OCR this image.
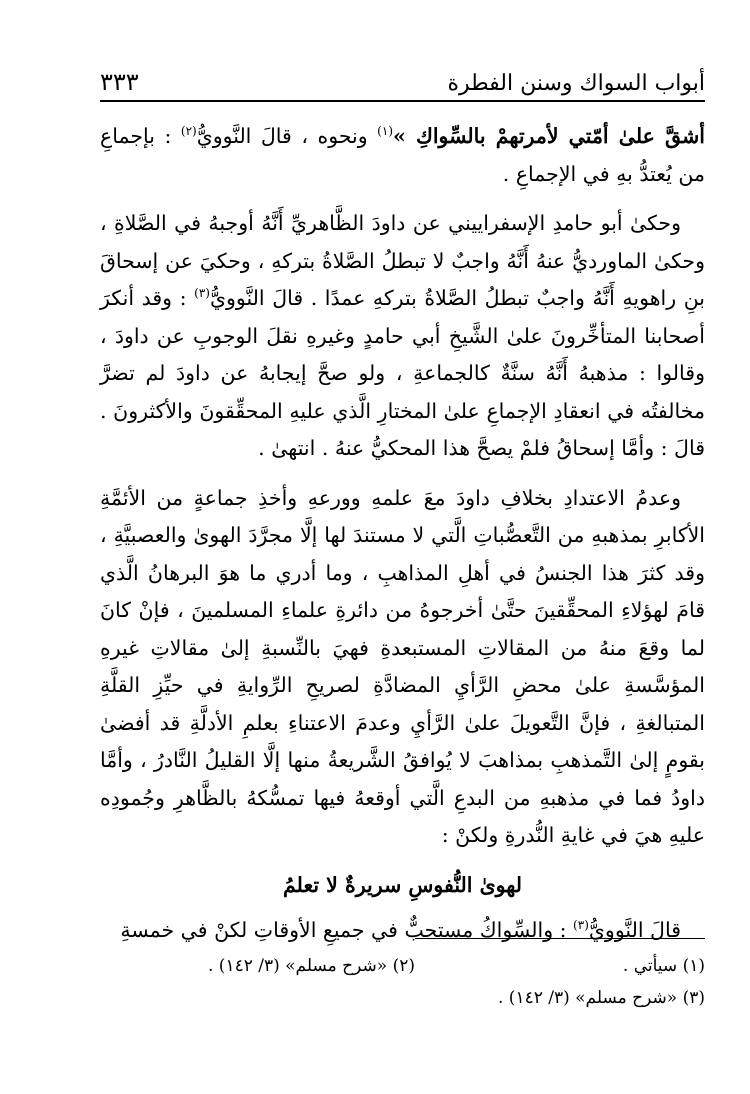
أبواب السواك وسنن الفطرة
٣٣٣

أشقَّ علىٰ أمّتي لأمرتهمْ بالسِّواكِ »$^{(١)}$ ونحوه ، قالَ النَّوويُّ$^{(٢)}$ : بإجماعِ من يُعتدُّ بهِ في الإجماعِ .

وحكىٰ أبو حامدِ الإسفراييني عن داودَ الظَّاهريِّ أَنَّهُ أوجبهُ في الصَّلاةِ ، وحكىٰ الماورديُّ عنهُ أَنَّهُ واجبٌ لا تبطلُ الصَّلاةُ بتركهِ ، وحكيَ عن إسحاقَ بنِ راهويهِ أَنَّهُ واجبٌ تبطلُ الصَّلاةُ بتركهِ عمدًا . قالَ النَّوويُّ$^{(٣)}$ : وقد أنكرَ أصحابنا المتأخِّرونَ علىٰ الشَّيخِ أبي حامدٍ وغيرهِ نقلَ الوجوبِ عن داودَ ، وقالوا : مذهبهُ أَنَّهُ سنَّةٌ كالجماعةِ ، ولو صحَّ إيجابهُ عن داودَ لم تضرَّ مخالفتُه في انعقادِ الإجماعِ علىٰ المختارِ الَّذي عليهِ المحقِّقونَ والأكثرونَ . قالَ : وأمَّا إسحاقُ فلمْ يصحَّ هذا المحكيُّ عنهُ . انتهىٰ .

وعدمُ الاعتدادِ بخلافِ داودَ معَ علمهِ وورعهِ وأخذِ جماعةٍ من الأئمَّةِ الأكابرِ بمذهبهِ من التَّعصُّباتِ الَّتي لا مستندَ لها إلَّا مجرَّدَ الهوىٰ والعصبيَّةِ ، وقد كثرَ هذا الجنسُ في أهلِ المذاهبِ ، وما أدري ما هوَ البرهانُ الَّذي قامَ لهؤلاءِ المحقِّقينَ حتَّىٰ أخرجوهُ من دائرةِ علماءِ المسلمينَ ، فإنْ كانَ لما وقعَ منهُ من المقالاتِ المستبعدةِ فهيَ بالنِّسبةِ إلىٰ مقالاتِ غيرهِ المؤسَّسةِ علىٰ محضِ الرَّأيِ المضادَّةِ لصريحِ الرِّوايةِ في حيِّزِ القلَّةِ المتبالغةِ ، فإنَّ التَّعويلَ علىٰ الرَّأيِ وعدمَ الاعتناءِ بعلمِ الأدلَّةِ قد أفضىٰ بقومٍ إلىٰ التَّمذهبِ بمذاهبَ لا يُوافقُ الشَّريعةُ منها إلَّا القليلُ النَّادرُ ، وأمَّا داودُ فما في مذهبهِ من البدعِ الَّتي أوقعهُ فيها تمسُّكهُ بالظَّاهرِ وجُمودِه عليهِ هيَ في غايةِ النُّدرةِ ولكنْ :

لهوىٰ النُّفوسِ سريرةٌ لا تعلمُ

قالَ النَّوويُّ$^{(٣)}$ : والسِّواكُ مستحبٌّ في جميعِ الأوقاتِ لكنْ في خمسةِ

(١) سيأتي .
(٢) «شرح مسلم» (٣/ ١٤٢) .
(٣) «شرح مسلم» (٣/ ١٤٢) .
